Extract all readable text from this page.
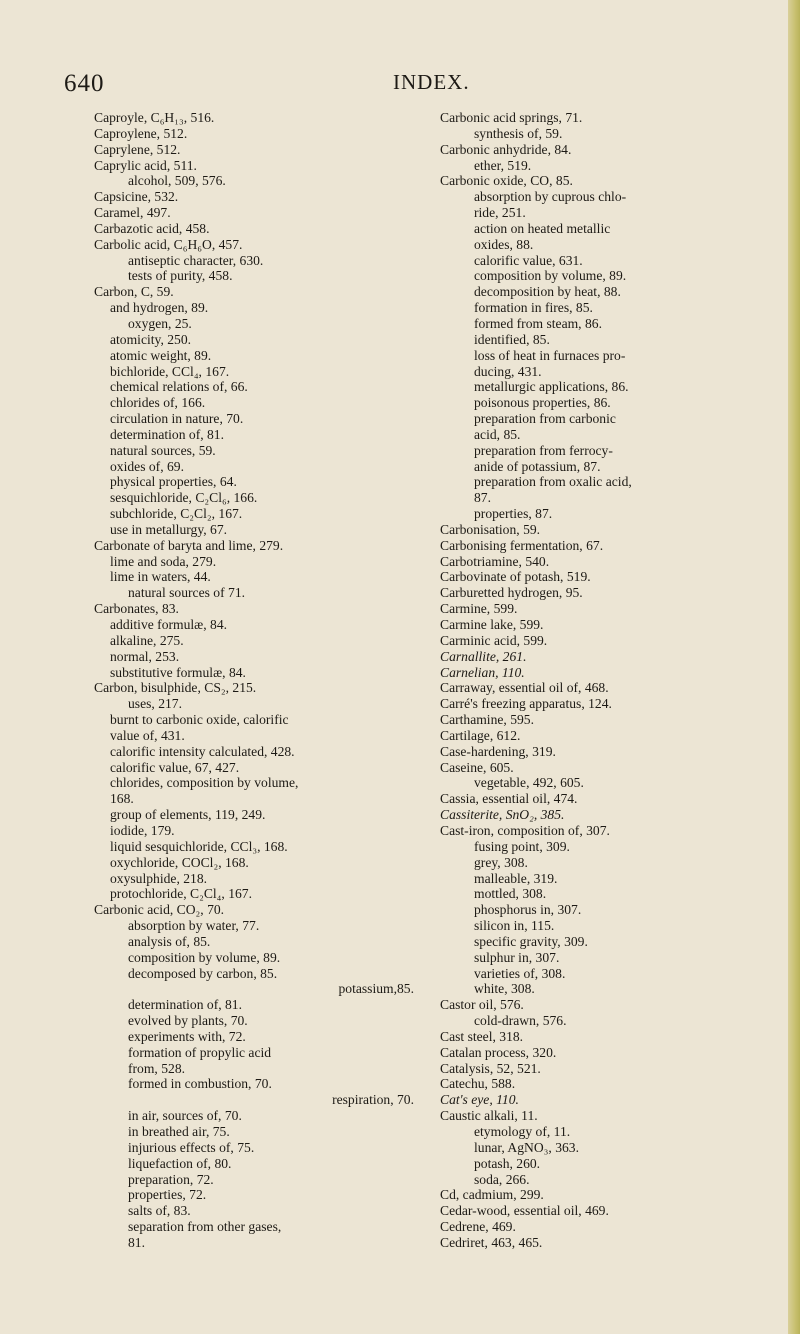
640	INDEX.
Caproyle, C₆H₁₃, 516.
Caproylene, 512.
Caprylene, 512.
Caprylic acid, 511.
alcohol, 509, 576.
Capsicine, 532.
Caramel, 497.
Carbazotic acid, 458.
Carbolic acid, C₆H₆O, 457.
antiseptic character, 630.
tests of purity, 458.
Carbon, C, 59.
and hydrogen, 89.
oxygen, 25.
atomicity, 250.
atomic weight, 89.
bichloride, CCl₄, 167.
chemical relations of, 66.
chlorides of, 166.
circulation in nature, 70.
determination of, 81.
natural sources, 59.
oxides of, 69.
physical properties, 64.
sesquichloride, C₂Cl₆, 166.
subchloride, C₂Cl₂, 167.
use in metallurgy, 67.
Carbonate of baryta and lime, 279.
lime and soda, 279.
lime in waters, 44.
natural sources of 71.
Carbonates, 83.
additive formulæ, 84.
alkaline, 275.
normal, 253.
substitutive formulæ, 84.
Carbon, bisulphide, CS₂, 215.
uses, 217.
burnt to carbonic oxide, calorific
value of, 431.
calorific intensity calculated, 428.
calorific value, 67, 427.
chlorides, composition by volume,
168.
group of elements, 119, 249.
iodide, 179.
liquid sesquichloride, CCl₃, 168.
oxychloride, COCl₂, 168.
oxysulphide, 218.
protochloride, C₂Cl₄, 167.
Carbonic acid, CO₂, 70.
absorption by water, 77.
analysis of, 85.
composition by volume, 89.
decomposed by carbon, 85.
potassium,85.
determination of, 81.
evolved by plants, 70.
experiments with, 72.
formation of propylic acid
from, 528.
formed in combustion, 70.
respiration, 70.
in air, sources of, 70.
in breathed air, 75.
injurious effects of, 75.
liquefaction of, 80.
preparation, 72.
properties, 72.
salts of, 83.
separation from other gases,
81.
Carbonic acid springs, 71.
synthesis of, 59.
Carbonic anhydride, 84.
ether, 519.
Carbonic oxide, CO, 85.
absorption by cuprous chlo-
ride, 251.
action on heated metallic
oxides, 88.
calorific value, 631.
composition by volume, 89.
decomposition by heat, 88.
formation in fires, 85.
formed from steam, 86.
identified, 85.
loss of heat in furnaces pro-
ducing, 431.
metallurgic applications, 86.
poisonous properties, 86.
preparation from carbonic
acid, 85.
preparation from ferrocy-
anide of potassium, 87.
preparation from oxalic acid,
87.
properties, 87.
Carbonisation, 59.
Carbonising fermentation, 67.
Carbotriamine, 540.
Carbovinate of potash, 519.
Carburetted hydrogen, 95.
Carmine, 599.
Carmine lake, 599.
Carminic acid, 599.
Carnallite, 261.
Carnelian, 110.
Carraway, essential oil of, 468.
Carré's freezing apparatus, 124.
Carthamine, 595.
Cartilage, 612.
Case-hardening, 319.
Caseine, 605.
vegetable, 492, 605.
Cassia, essential oil, 474.
Cassiterite, SnO₂, 385.
Cast-iron, composition of, 307.
fusing point, 309.
grey, 308.
malleable, 319.
mottled, 308.
phosphorus in, 307.
silicon in, 115.
specific gravity, 309.
sulphur in, 307.
varieties of, 308.
white, 308.
Castor oil, 576.
cold-drawn, 576.
Cast steel, 318.
Catalan process, 320.
Catalysis, 52, 521.
Catechu, 588.
Cat's eye, 110.
Caustic alkali, 11.
etymology of, 11.
lunar, AgNO₃, 363.
potash, 260.
soda, 266.
Cd, cadmium, 299.
Cedar-wood, essential oil, 469.
Cedrene, 469.
Cedriret, 463, 465.
